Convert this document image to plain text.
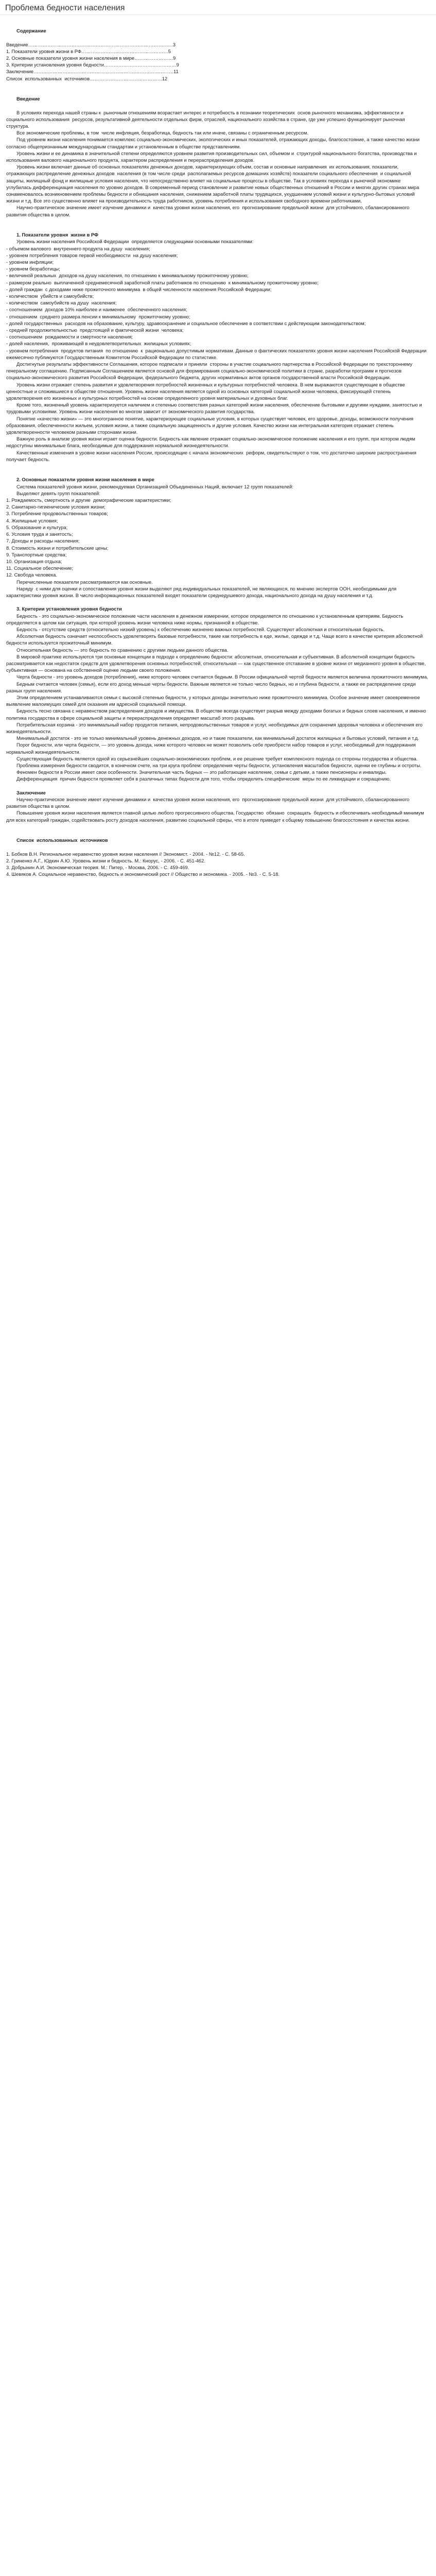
Проблема бедности населения

Содержание

Введение………………………………………………………………………………3

1. Показатели уровня жизни в РФ………………………………………………5

2. Основные показатели уровня жизни населения в мире……………………9

3. Критерии установления уровня бедности………………………………………9

Заключение……………………………………………………………………………11

Список  использованных  источников………………………………………12

Введение

В условиях перехода нашей страны к  рыночным отношениям возрастает интерес и потребность в познании теоретических  основ рыночного механизма, эффективности и социального использования  ресурсов, результативной деятельности отдельных фирм, отраслей, национального хозяйства в стране, где уже успешно функционирует рыночная структура.

Все экономические проблемы, в том  числе инфляция, безработица, бедность так или иначе, связаны с ограниченным ресурсом.

Под уровнем жизни населения понимается комплекс социально-экономических, экологических и иных показателей, отражающих доходы, благосостояние, а также качество жизни согласно общепризнанным международным стандартам и установленным в обществе представлениям.

Уровень жизни и ее динамика в значительной степени определяются уровнем развития производительных сил, объемом и  структурой национального богатства, производства и использования валового национального продукта, характером распределения и перераспределения доходов.

Уровень жизни включает данные об основных показателях денежных доходов, характеризующих объем, состав и основные направления  их использования, показатели, отражающих распределение денежных доходов  населения (в том числе среди  располагаемых ресурсов домашних хозяйств) показатели социального обеспечения  и социальной защиты, жилищный фонд и жилищные условия населения, что непосредственно влияет на социальные процессы в обществе. Так в условиях перехода к рыночной экономике  углубилась дифференциация населения по уровню доходов. В современный период становление и развитие новых общественных отношений в России и многих других странах мира ознаменовалось возникновением проблемы бедности и обнищания населения, снижением заработной платы трудящихся, ухудшением условий жизни и культурно-бытовых условий жизни и т.д. Все это существенно влияет на производительность труда работников, уровень потребления и использования свободного времени работниками.

Научно-практическое значение имеет изучение динамики и  качества уровня жизни населения, его  прогнозирование предельной жизни  для устойчивого, сбалансированного  развития общества в целом.

1. Показатели уровня  жизни в РФ

Уровень жизни населения Российской Федерации  определяется следующими основными показателями:

- объемом валового  внутреннего продукта на душу  населения;

- уровнем потребления товаров первой необходимости  на душу населения;

- уровнем инфляции;

- уровнем безработицы;

- величиной реальных  доходов на душу населения, по отношению к минимальному прожиточному уровню;

- размером реально  выплаченной среднемесячной заработной платы работников по отношению  к минимальному прожиточному уровню;

- долей граждан  с доходами ниже прожиточного минимума  в общей численности населения Российской Федерации;

- количеством  убийств и самоубийств;

- количеством  самоубийств на душу  населения;

- соотношением  доходов 10% наиболее и наименее  обеспеченного населения;

- отношением  среднего размера пенсии к минимальному  прожиточному уровню;

- долей государственных  расходов на образование, культуру, здравоохранение и социальное обеспечение в соответствии с действующим законодательством;

- средней продолжительностью  предстоящей и фактической жизни  человека;

- соотношением  рождаемости и смертности населения;

- долей населения,  проживающей в неудовлетворительных  жилищных условиях;

- уровнем потребления  продуктов питания  по отношению  к  рационально допустимым нормативам. Данные о фактических показателях уровня жизни населения Российской Федерации ежемесячно публикуются Государственным Комитетом Российской Федерации по статистике.

Достигнутые результаты эффективности Соглашения, которое подписали и приняли  стороны в участие социального партнерства в Российской Федерации по трехстороннему генеральному соглашению. Подписанным Соглашением является основой для формирования социально-экономической политики в стране, разработки программ и прогнозов социально-экономического развития Российской Федерации, федерального бюджета, других нормативных актов органов государственной власти Российской Федерации.

Уровень жизни отражает степень развития и удовлетворения потребностей жизненных и культурных потребностей человека. В нем выражаются существующие в обществе ценностные и сложившиеся в обществе отношения. Уровень жизни населения является одной из основных категорий социальной жизни человека, фиксирующей степень удовлетворения его жизненных и культурных потребностей на основе определенного уровня материальных и духовных благ.

Кроме того, жизненный уровень характеризуется наличием и степенью соответствия разных категорий жизни населения, обеспечение бытовыми и другими нуждами, занятостью и трудовыми условиями. Уровень жизни населения во многом зависит от экономического развития государства.

Понятие «качество жизни» — это многогранное понятие, характеризующее социальные условия, в которых существует человек, его здоровье, доходы, возможности получения образования, обеспеченности жильем, условия жизни, а также социальную защищенность и другие условия. Качество жизни как интегральная категория отражает степень удовлетворенности человеком разными сторонами жизни.

Важную роль в анализе уровня жизни играет оценка бедности. Бедность как явление отражает социально-экономическое положение населения и его групп, при котором людям недоступны минимальные блага, необходимые для поддержания нормальной жизнедеятельности.

Качественные изменения в уровне жизни населения России, происходящие с начала экономических  реформ, свидетельствуют о том, что достаточно широкие распространения получает бедность.

2. Основные показатели уровня жизни населения в мире

Система показателей уровня жизни, рекомендуемая Организацией Объединенных Наций, включает 12 групп показателей:

Выделяют девять групп показателей:

1. Рождаемость, смертность и другие  демографические характеристики;

2. Санитарно-гигиенические условия жизни;

3. Потребление продовольственных товаров;

4. Жилищные условия;

5. Образование и культура;

6. Условия труда и занятость;

7. Доходы и расходы населения;

8. Стоимость жизни и потребительские цены;

9. Транспортные средства;

10. Организация отдыха;

11. Социальное обеспечение;

12. Свобода человека.

Перечисленные показатели рассматриваются как основные.

Наряду  с ними для оценки и сопоставления уровня жизни выделяют ряд индивидуальных показателей, не являющихся, по мнению экспертов ООН, необходимыми для характеристики уровня жизни. В число информационных показателей входят показатели среднедушевого дохода, национального дохода на душу населения и т.д.

3. Критерии установления уровня бедности

Бедность - это социально-экономическое положение части населения в денежном измерении, которое определяется по отношению к установленным критериям. Бедность определяется в целом как ситуация, при которой уровень жизни человека ниже нормы, признанной в обществе.

Бедность - отсутствие средств (относительно низкий уровень) к обеспечению жизненно важных потребностей. Существуют абсолютная и относительная бедность.

Абсолютная бедность означает неспособность удовлетворять базовые потребности, такие как потребность в еде, жилье, одежде и т.д. Чаще всего в качестве критерия абсолютной бедности используется прожиточный минимум.

Относительная бедность — это бедность по сравнению с другими людьми данного общества.

В мировой практике используются три основные концепции в подходе к определению бедности: абсолютная, относительная и субъективная. В абсолютной концепции бедность рассматривается как недостаток средств для удовлетворения основных потребностей, относительная — как существенное отставание в уровне жизни от медианного уровня в обществе, субъективная — основана на собственной оценке людьми своего положения.

Черта бедности - это уровень доходов (потребления), ниже которого человек считается бедным. В России официальной чертой бедности является величина прожиточного минимума.

Бедным считается человек (семья), если его доход меньше черты бедности. Важным является не только число бедных, но и глубина бедности, а также ее распределение среди разных групп населения.

Этим определением устанавливаются семьи с высокой степенью бедности, у которых доходы значительно ниже прожиточного минимума. Особое значение имеет своевременное выявление малоимущих семей для оказания им адресной социальной помощи.

Бедность тесно связана с неравенством распределения доходов и имущества. В обществе всегда существует разрыв между доходами богатых и бедных слоев населения, и именно политика государства в сфере социальной защиты и перераспределения определяет масштаб этого разрыва.

Потребительская корзина - это минимальный набор продуктов питания, непродовольственных товаров и услуг, необходимых для сохранения здоровья человека и обеспечения его жизнедеятельности.

Минимальный достаток - это не только минимальный уровень денежных доходов, но и такие показатели, как минимальный достаток жилищных и бытовых условий, питания и т.д.

Порог бедности, или черта бедности, — это уровень дохода, ниже которого человек не может позволить себе приобрести набор товаров и услуг, необходимый для поддержания нормальной жизнедеятельности.

Существующая бедность является одной из серьезнейших социально-экономических проблем, и ее решение требует комплексного подхода со стороны государства и общества.

Проблема измерения бедности сводится, в конечном счете, на три круга проблем: определения черты бедности, установления масштабов бедности, оценки ее глубины и остроты.

Феномен бедности в России имеет свои особенности. Значительная часть бедных — это работающее население, семьи с детьми, а также пенсионеры и инвалиды.

Дифференциация  причин бедности проявляет себя в различных типах бедности для того, чтобы определить специфические  меры по ее ликвидации и сокращению.

Заключение

Научно-практическое значение имеет изучение динамики и  качества уровня жизни населения, его  прогнозирование предельной жизни  для устойчивого, сбалансированного  развития общества в целом.

Повышение уровня жизни населения является главной целью любого прогрессивного общества. Государство  обязано  сокращать  бедность и обеспечивать необходимый минимум для всех категорий граждан, содействовать росту доходов населения, развитию социальной сферы, что в итоге приведет к общему повышению благосостояния и качества жизни.

Список  использованных  источников

1. Бобков В.Н. Региональное неравенство уровня жизни населения // Экономист. - 2004. - №12. - С. 58-65.

2. Гриненко А.Г., Юдкин А.Ю. Уровень жизни и бедность. М.: Кнорус, - 2006. - С. 451-462.

3. Добрынин А.И. Экономическая теория. М.: Питер, - Москва, 2006. - С. 459-469.

4. Шевяков А. Социальное неравенство, бедность и экономический рост // Общество и экономика. - 2005. - №3. - С. 5-18.
